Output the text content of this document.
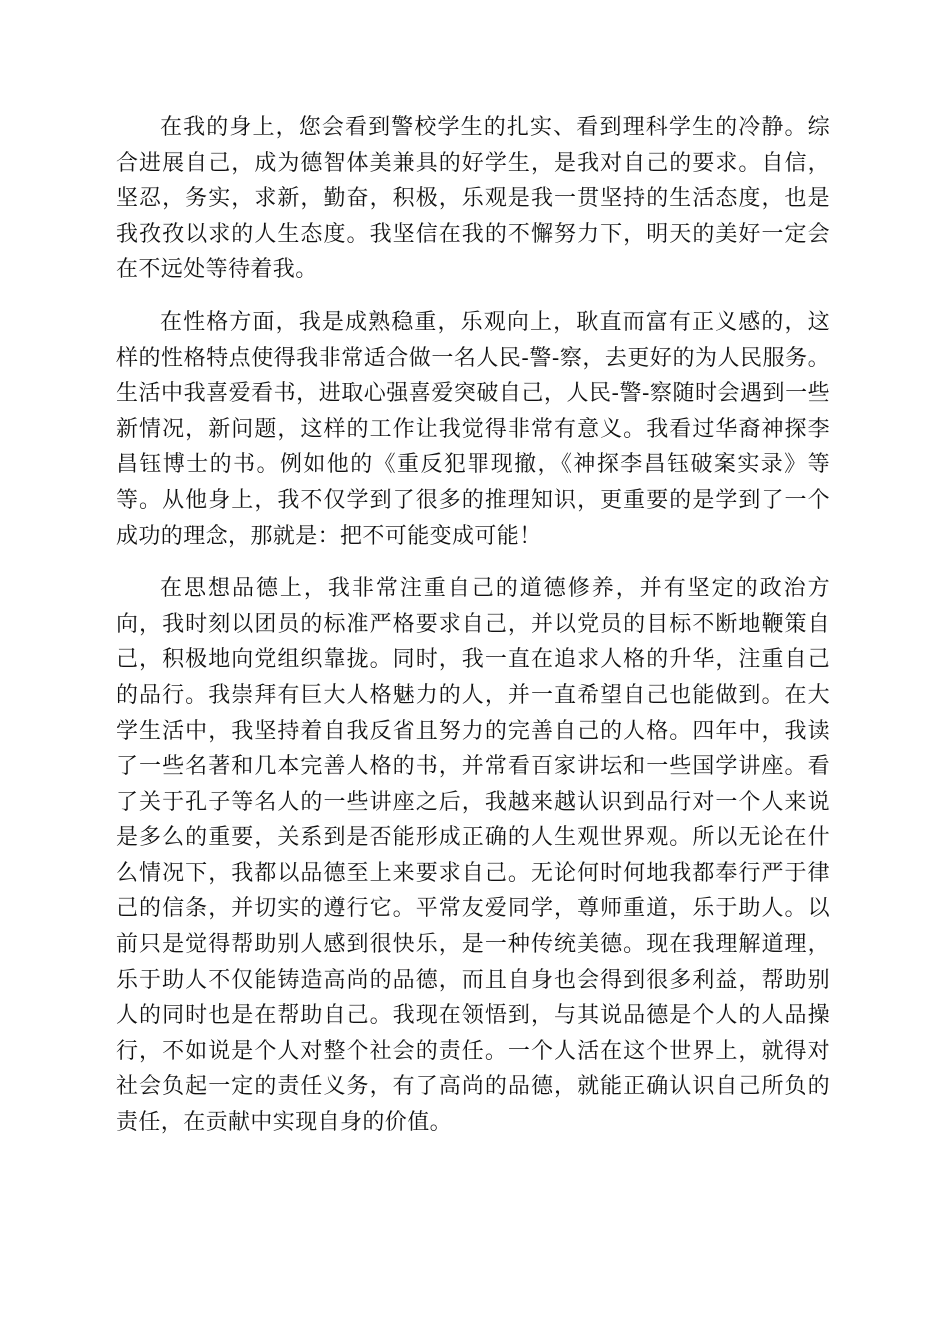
在我的身上，您会看到警校学生的扎实、看到理科学生的冷静。综合进展自己，成为德智体美兼具的好学生，是我对自己的要求。自信，坚忍，务实，求新，勤奋，积极，乐观是我一贯坚持的生活态度，也是我孜孜以求的人生态度。我坚信在我的不懈努力下，明天的美好一定会在不远处等待着我。

在性格方面，我是成熟稳重，乐观向上，耿直而富有正义感的，这样的性格特点使得我非常适合做一名人民-警-察，去更好的为人民服务。生活中我喜爱看书，进取心强喜爱突破自己，人民-警-察随时会遇到一些新情况，新问题，这样的工作让我觉得非常有意义。我看过华裔神探李昌钰博士的书。例如他的《重反犯罪现撤，《神探李昌钰破案实录》等等。从他身上，我不仅学到了很多的推理知识，更重要的是学到了一个成功的理念，那就是：把不可能变成可能！

在思想品德上，我非常注重自己的道德修养，并有坚定的政治方向，我时刻以团员的标准严格要求自己，并以党员的目标不断地鞭策自己，积极地向党组织靠拢。同时，我一直在追求人格的升华，注重自己的品行。我崇拜有巨大人格魅力的人，并一直希望自己也能做到。在大学生活中，我坚持着自我反省且努力的完善自己的人格。四年中，我读了一些名著和几本完善人格的书，并常看百家讲坛和一些国学讲座。看了关于孔子等名人的一些讲座之后，我越来越认识到品行对一个人来说是多么的重要，关系到是否能形成正确的人生观世界观。所以无论在什么情况下，我都以品德至上来要求自己。无论何时何地我都奉行严于律己的信条，并切实的遵行它。平常友爱同学，尊师重道，乐于助人。以前只是觉得帮助别人感到很快乐，是一种传统美德。现在我理解道理，乐于助人不仅能铸造高尚的品德，而且自身也会得到很多利益，帮助别人的同时也是在帮助自己。我现在领悟到，与其说品德是个人的人品操行，不如说是个人对整个社会的责任。一个人活在这个世界上，就得对社会负起一定的责任义务，有了高尚的品德，就能正确认识自己所负的责任，在贡献中实现自身的价值。
